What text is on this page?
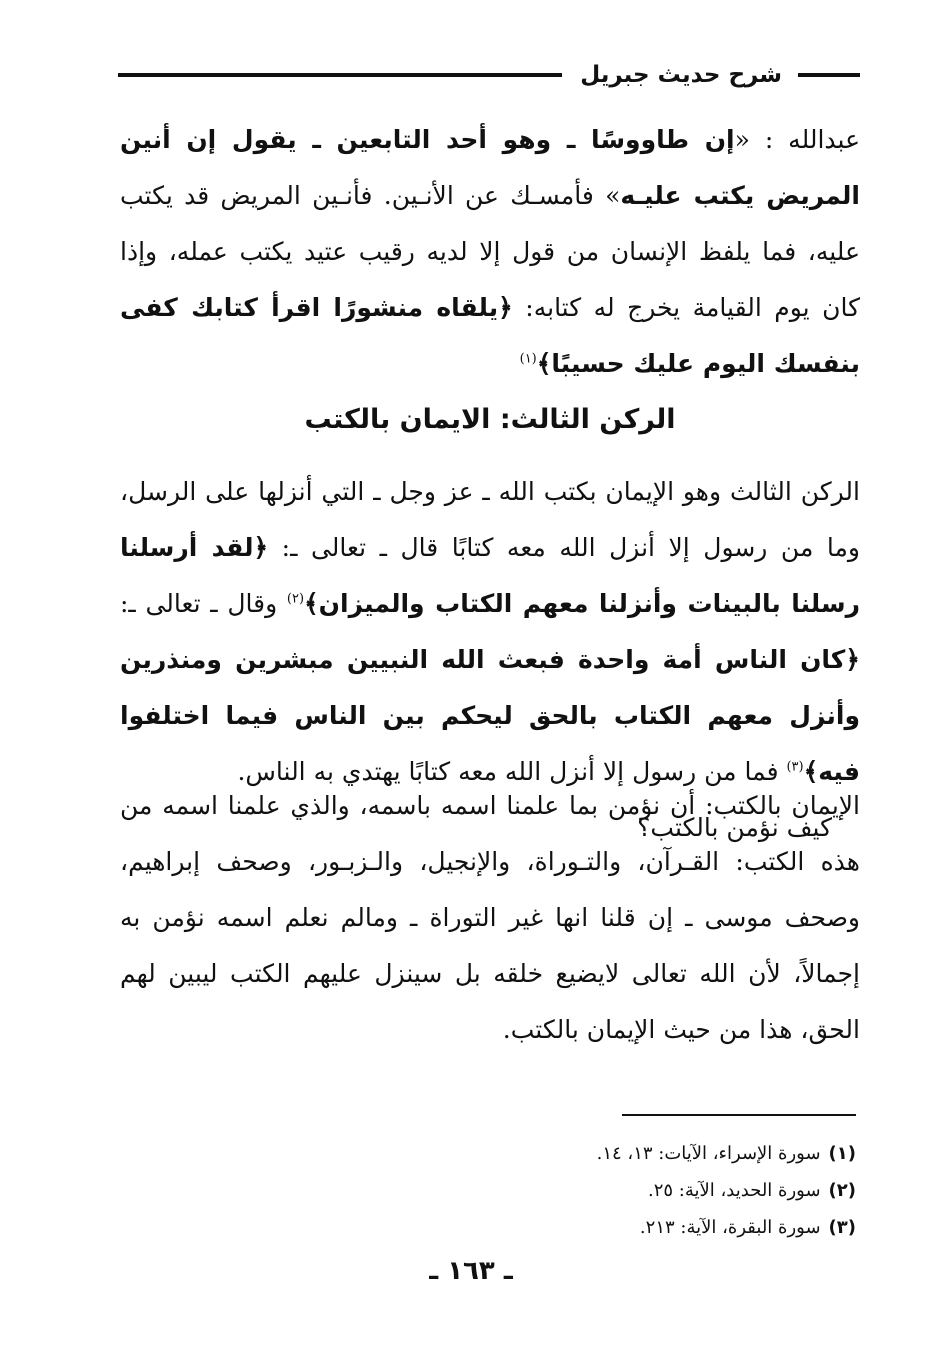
شرح حديث جبريل

عبدالله : «إن طاووسًا ـ وهو أحد التابعين ـ يقول إن أنين المريض يكتب عليـه» فأمسـك عن الأنـين. فأنـين المريض قد يكتب عليه، فما يلفظ الإنسان من قول إلا لديه رقيب عتيد يكتب عمله، وإذا كان يوم القيامة يخرج له كتابه: ﴿يلقاه منشورًا اقرأ كتابك كفى بنفسك اليوم عليك حسيبًا﴾$^{(١)}$

الركن الثالث: الايمان بالكتب

الركن الثالث وهو الإيمان بكتب الله ـ عز وجل ـ التي أنزلها على الرسل، وما من رسول إلا أنزل الله معه كتابًا قال ـ تعالى ـ: ﴿لقد أرسلنا رسلنا بالبينات وأنزلنا معهم الكتاب والميزان﴾$^{(٢)}$ وقال ـ تعالى ـ: ﴿كان الناس أمة واحدة فبعث الله النبيين مبشرين ومنذرين وأنزل معهم الكتاب بالحق ليحكم بين الناس فيما اختلفوا فيه﴾$^{(٣)}$ فما من رسول إلا أنزل الله معه كتابًا يهتدي به الناس.

كيف نؤمن بالكتب؟

الإيمان بالكتب: أن نؤمن بما علمنا اسمه باسمه، والذي علمنا اسمه من هذه الكتب: القـرآن، والتـوراة، والإنجيل، والـزبـور، وصحف إبراهيم، وصحف موسى ـ إن قلنا انها غير التوراة ـ ومالم نعلم اسمه نؤمن به إجمالاً، لأن الله تعالى لايضيع خلقه بل سينزل عليهم الكتب ليبين لهم الحق، هذا من حيث الإيمان بالكتب.

(١)سورة الإسراء، الآيات: ١٣، ١٤.
(٢)سورة الحديد، الآية: ٢٥.
(٣)سورة البقرة، الآية: ٢١٣.
ـ ١٦٣ ـ
